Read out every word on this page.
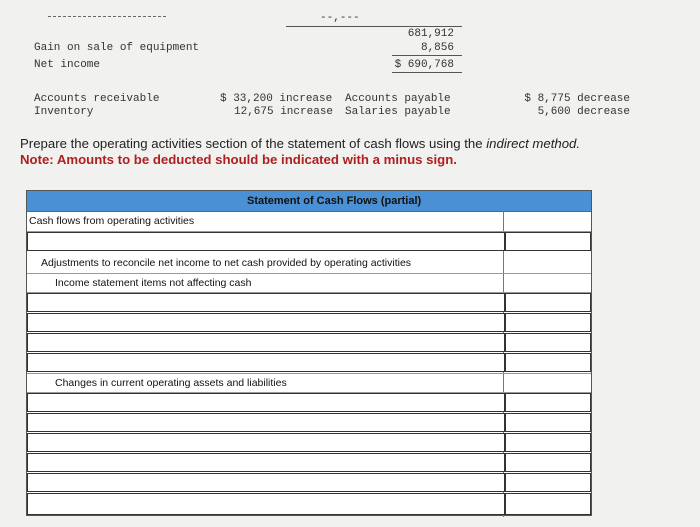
--,---
681,912
Gain on sale of equipment	8,856
Net income	$ 690,768
Accounts receivable	$ 33,200 increase Accounts payable	$ 8,775 decrease
Inventory	12,675 increase Salaries payable	5,600 decrease
Prepare the operating activities section of the statement of cash flows using the indirect method.
Note: Amounts to be deducted should be indicated with a minus sign.
Statement of Cash Flows (partial)
Cash flows from operating activities
Adjustments to reconcile net income to net cash provided by operating activities
Income statement items not affecting cash
Changes in current operating assets and liabilities
